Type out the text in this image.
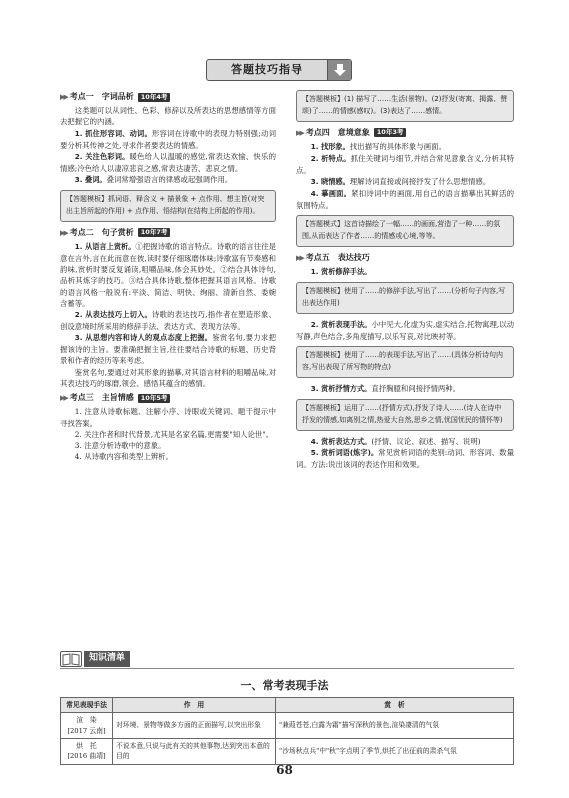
答题技巧指导
▶▶ 考点一　字词品析	10年4考

这类题可以从词性、色彩、修辞以及所表达的思想感情等方面去把握它的内涵。

1. 抓住形容词、动词。形容词在诗歌中的表现力特别强;动词要分析其传神之处,寻求作者要表达的情感。

2. 关注色彩词。暖色给人以温暖的感觉,常表达欢愉、快乐的情感;冷色给人以凄凉悲哀之感,常表达凄苦、悲哀之情。

3. 叠词。叠词常增强语言的律感或起强调作用。

【答题模板】抓词语、释含义 + 描景象 + 点作用、想主旨(对突出主旨所起的作用) + 点作用、悟结构(在结构上所起的作用)。
▶▶ 考点二　句子赏析	10年7考

1. 从语言上赏析。①把握诗歌的语言特点。诗歌的语言往往是意在言外,言在此而意在彼,读时要仔细琢磨体味;诗歌富有节奏感和韵味,赏析时要反复诵读,咀嚼品味,体会其妙处。②结合具体诗句,品析其炼字的技巧。③结合具体诗歌,整体把握其语言风格。诗歌的语言风格一般说有:平淡、简洁、明快、绚丽、清新自然、委婉含蓄等。

2. 从表达技巧上切入。诗歌的表达技巧,指作者在塑造形象、创设意境时所采用的修辞手法、表达方式、表现方法等。

3. 从思想内容和诗人的观点态度上把握。鉴赏名句,要力求把握该诗的主旨。要准确把握主旨,往往要结合诗歌的标题、历史背景和作者的经历等来考虑。

鉴赏名句,要通过对其形象的描摹,对其语言材料的咀嚼品味,对其表达技巧的琢磨,领会、感悟其蕴含的感情。

▶▶ 考点三　主旨情感	10年5考

1. 注意从诗歌标题、注解小序、诗眼或关键词、题干提示中寻找答案。

2. 关注作者和时代背景,尤其是名家名篇,更需要"知人论世"。

3. 注意分析诗歌中的意象。

4. 从诗歌内容和类型上辨析。

【答题模板】(1) 描写了……生活(景物)。(2)抒发(寄寓、揭露、赞颂)了……的情感(感叹)。(3)表达了……感情。
▶▶ 考点四　意境意象	10年3考

1. 找形象。找出描写的具体形象与画面。

2. 析特点。抓住关键词与细节,并结合常见意象含义,分析其特点。

3. 晓情感。理解诗词直接或间接抒发了什么思想情感。

4. 摹画面。紧扣诗词中的画面,用自己的语言描摹出其鲜活的氛围特点。

【答题模式】这首诗描绘了一幅……的画面,营造了一种……的氛围,从而表达了作者……的情感或心境,等等。
▶▶ 考点五　表达技巧

1. 赏析修辞手法。

【答题模板】使用了……的修辞手法,写出了……(分析句子内容,写出表达作用)

2. 赏析表现手法。小中见大,化虚为实,虚实结合,托物寓理,以动写静,声色结合,多角度描写,以乐写哀,对比映衬等。

【答题模板】使用了……的表现手法,写出了……(具体分析诗句内容,写出表现了所写物的特点)

3. 赏析抒情方式。直抒胸臆和间接抒情两种。

【答题模板】运用了……(抒情方式),抒发了诗人……(诗人在诗中抒发的情感,如离别之情,热爱大自然,思乡之情,忧国忧民的情怀等)

4. 赏析表达方式。(抒情、议论、叙述、描写、说明)

5. 赏析词语(炼字)。常见赏析词语的类别:动词、形容词、数量词。方法:说出该词的表达作用和效果。

知识清单
一、常考表现手法
常见表现手法	作　用	赏　析
渲　染
[2017 云南]	对环境、景物等做多方面的正面描写,以突出形象	"兼葭苍苍,白露为霜"描写深秋的景色,渲染凄清的气氛
烘　托
[2016 曲靖]	不说本意,只说与此有关的其他事物,达到突出本意的目的	"沙场秋点兵"中"秋"字点明了季节,烘托了出征前的肃杀气氛
68
